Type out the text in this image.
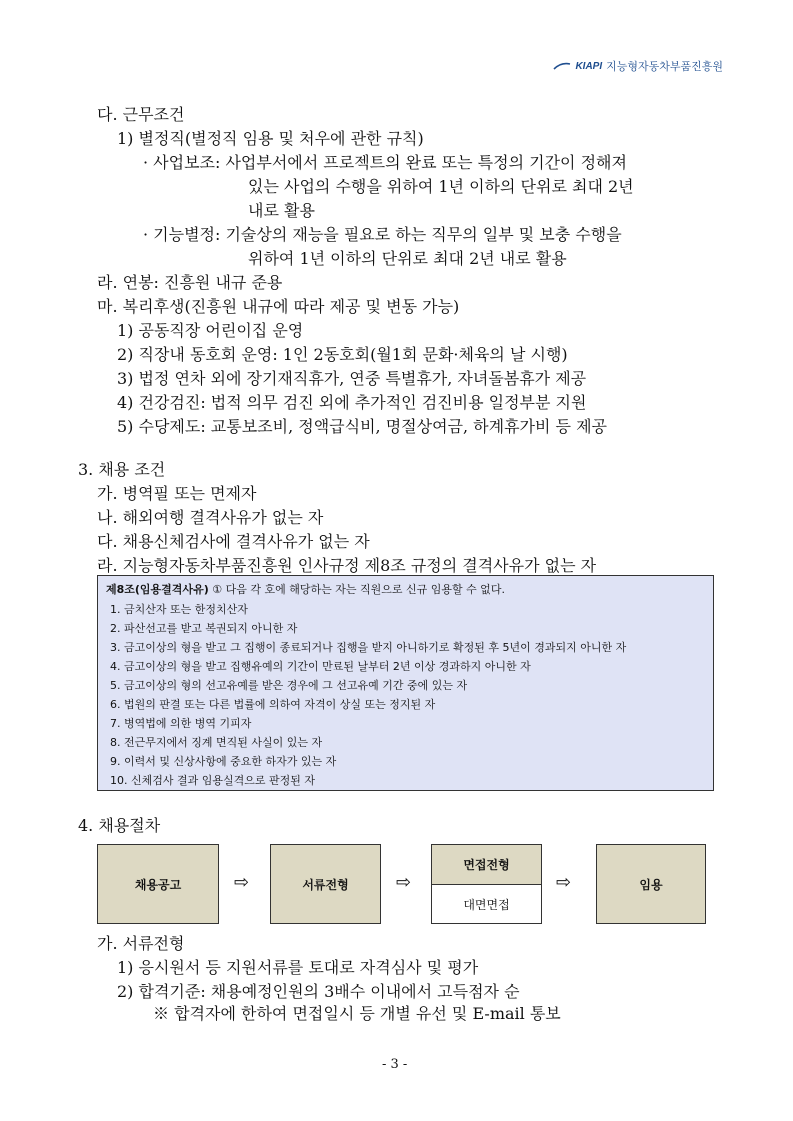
KIAPI 지능형자동차부품진흥원
다. 근무조건
1) 별정직(별정직 임용 및 처우에 관한 규칙)
· 사업보조: 사업부서에서 프로젝트의 완료 또는 특정의 기간이 정해져
있는 사업의 수행을 위하여 1년 이하의 단위로 최대 2년
내로 활용
· 기능별정: 기술상의 재능을 필요로 하는 직무의 일부 및 보충 수행을
위하여 1년 이하의 단위로 최대 2년 내로 활용
라. 연봉: 진흥원 내규 준용
마. 복리후생(진흥원 내규에 따라 제공 및 변동 가능)
1) 공동직장 어린이집 운영
2) 직장내 동호회 운영: 1인 2동호회(월1회 문화·체육의 날 시행)
3) 법정 연차 외에 장기재직휴가, 연중 특별휴가, 자녀돌봄휴가 제공
4) 건강검진: 법적 의무 검진 외에 추가적인 검진비용 일정부분 지원
5) 수당제도: 교통보조비, 정액급식비, 명절상여금, 하계휴가비 등 제공
3. 채용 조건
가. 병역필 또는 면제자
나. 해외여행 결격사유가 없는 자
다. 채용신체검사에 결격사유가 없는 자
라. 지능형자동차부품진흥원 인사규정 제8조 규정의 결격사유가 없는 자
제8조(임용결격사유) ① 다음 각 호에 해당하는 자는 직원으로 신규 임용할 수 없다.
1. 금치산자 또는 한정치산자
2. 파산선고를 받고 복권되지 아니한 자
3. 금고이상의 형을 받고 그 집행이 종료되거나 집행을 받지 아니하기로 확정된 후 5년이 경과되지 아니한 자
4. 금고이상의 형을 받고 집행유예의 기간이 만료된 날부터 2년 이상 경과하지 아니한 자
5. 금고이상의 형의 선고유예를 받은 경우에 그 선고유예 기간 중에 있는 자
6. 법원의 판결 또는 다른 법률에 의하여 자격이 상실 또는 정지된 자
7. 병역법에 의한 병역 기피자
8. 전근무지에서 징계 면직된 사실이 있는 자
9. 이력서 및 신상사항에 중요한 하자가 있는 자
10. 신체검사 결과 임용실격으로 판정된 자
4. 채용절차
채용공고	⇨	서류전형	⇨
면접전형
대면면접
⇨	임용
가. 서류전형
1) 응시원서 등 지원서류를 토대로 자격심사 및 평가
2) 합격기준: 채용예정인원의 3배수 이내에서 고득점자 순
※ 합격자에 한하여 면접일시 등 개별 유선 및 E-mail 통보
- 3 -
